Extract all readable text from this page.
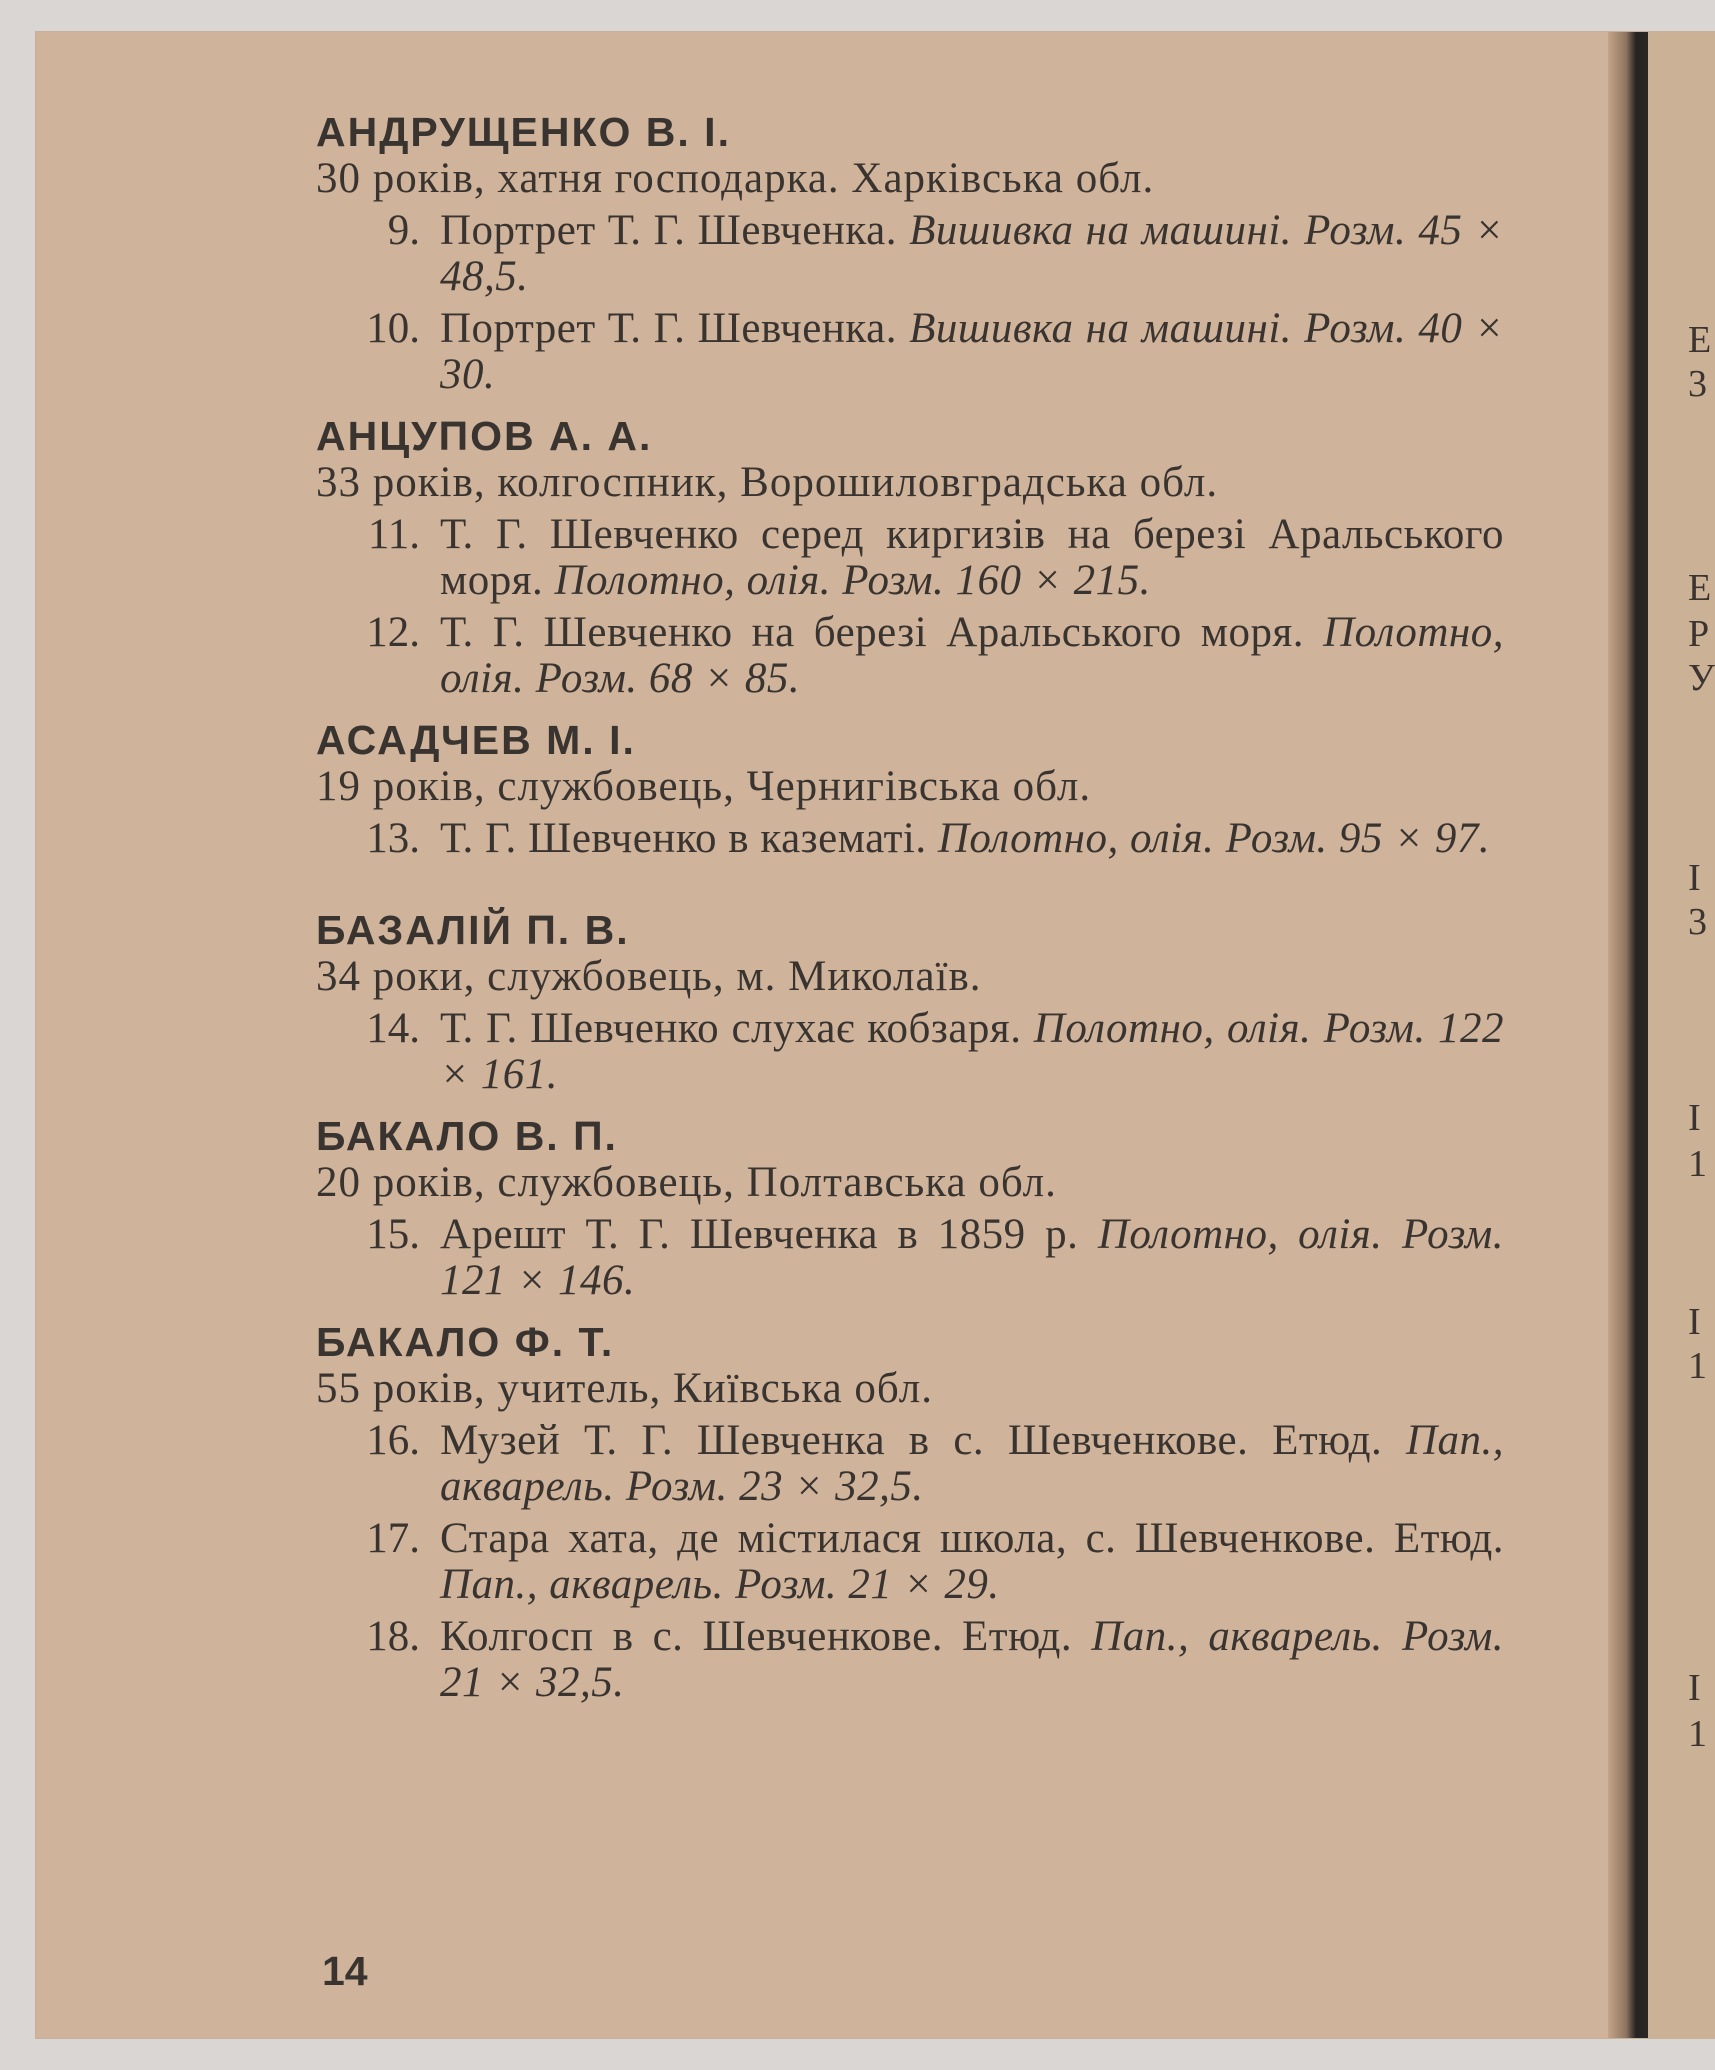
Е
3
Е
Р
У
І
3
І
1
І
1
І
1
АНДРУЩЕНКО В. І.
30 років, хатня господарка. Харківська обл.
9. Портрет Т. Г. Шевченка. Вишивка на машині. Розм. 45 × 48,5.
10. Портрет Т. Г. Шевченка. Вишивка на машині. Розм. 40 × 30.
АНЦУПОВ А. А.
33 років, колгоспник, Ворошиловградська обл.
11. Т. Г. Шевченко серед киргизів на березі Аральського моря. Полотно, олія. Розм. 160 × 215.
12. Т. Г. Шевченко на березі Аральського моря. Полотно, олія. Розм. 68 × 85.
АСАДЧЕВ М. І.
19 років, службовець, Чернигівська обл.
13. Т. Г. Шевченко в казематі. Полотно, олія. Розм. 95 × 97.
БАЗАЛІЙ П. В.
34 роки, службовець, м. Миколаїв.
14. Т. Г. Шевченко слухає кобзаря. Полотно, олія. Розм. 122 × 161.
БАКАЛО В. П.
20 років, службовець, Полтавська обл.
15. Арешт Т. Г. Шевченка в 1859 р. Полотно, олія. Розм. 121 × 146.
БАКАЛО Ф. Т.
55 років, учитель, Київська обл.
16. Музей Т. Г. Шевченка в с. Шевченкове. Етюд. Пап., акварель. Розм. 23 × 32,5.
17. Стара хата, де містилася школа, с. Шевченкове. Етюд. Пап., акварель. Розм. 21 × 29.
18. Колгосп в с. Шевченкове. Етюд. Пап., акварель. Розм. 21 × 32,5.
14
